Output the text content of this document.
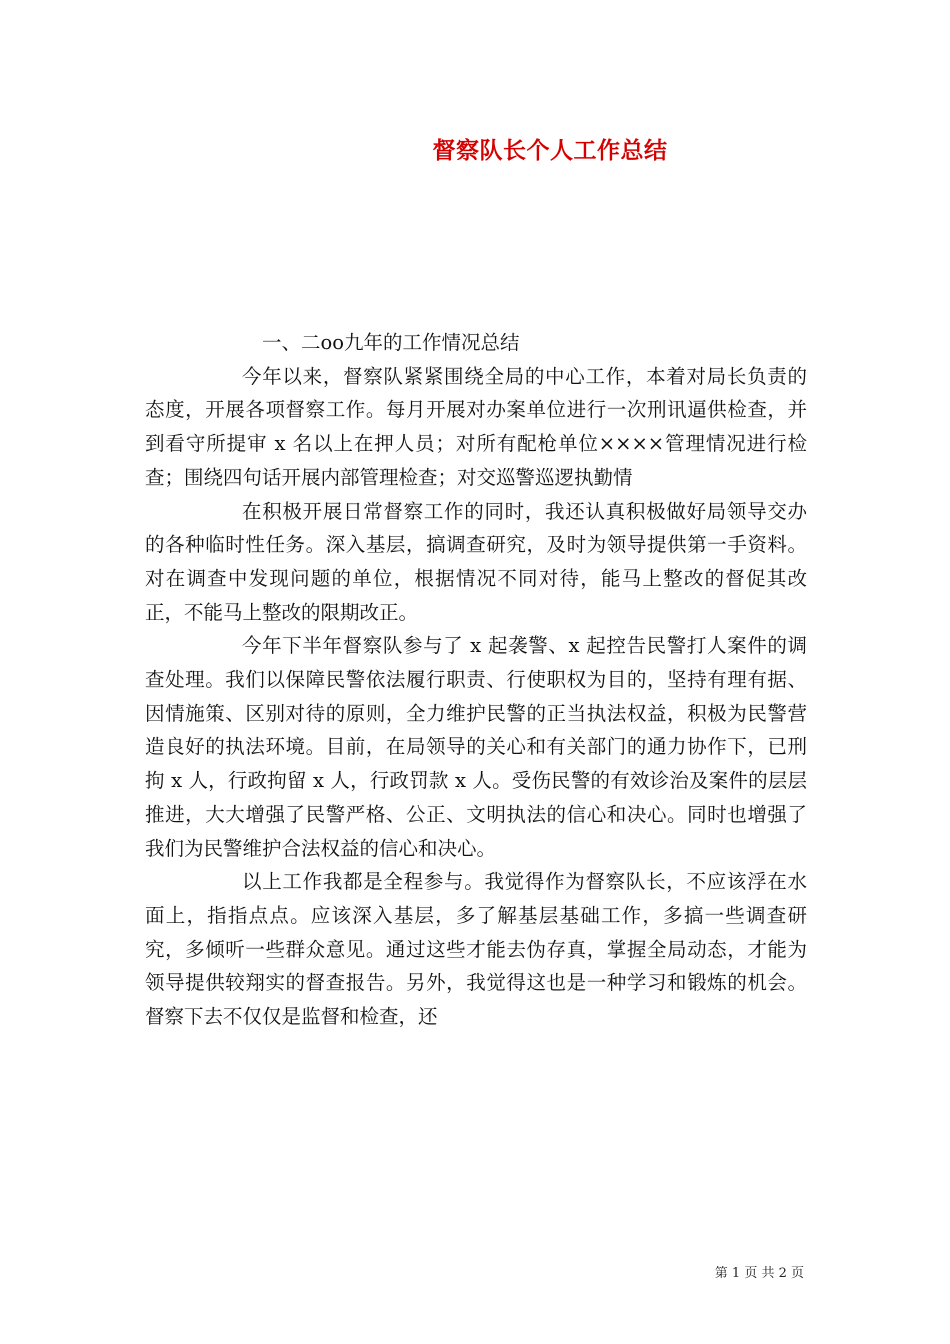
督察队长个人工作总结

一、二oo九年的工作情况总结

今年以来，督察队紧紧围绕全局的中心工作，本着对局长负责的态度，开展各项督察工作。每月开展对办案单位进行一次刑讯逼供检查，并到看守所提审 x 名以上在押人员；对所有配枪单位××××管理情况进行检查；围绕四句话开展内部管理检查；对交巡警巡逻执勤情

在积极开展日常督察工作的同时，我还认真积极做好局领导交办的各种临时性任务。深入基层，搞调查研究，及时为领导提供第一手资料。对在调查中发现问题的单位，根据情况不同对待，能马上整改的督促其改正，不能马上整改的限期改正。

今年下半年督察队参与了 x 起袭警、x 起控告民警打人案件的调查处理。我们以保障民警依法履行职责、行使职权为目的，坚持有理有据、因情施策、区别对待的原则，全力维护民警的正当执法权益，积极为民警营造良好的执法环境。目前，在局领导的关心和有关部门的通力协作下，已刑拘 x 人，行政拘留 x 人，行政罚款 x 人。受伤民警的有效诊治及案件的层层推进，大大增强了民警严格、公正、文明执法的信心和决心。同时也增强了我们为民警维护合法权益的信心和决心。

以上工作我都是全程参与。我觉得作为督察队长，不应该浮在水面上，指指点点。应该深入基层，多了解基层基础工作，多搞一些调查研究，多倾听一些群众意见。通过这些才能去伪存真，掌握全局动态，才能为领导提供较翔实的督查报告。另外，我觉得这也是一种学习和锻炼的机会。督察下去不仅仅是监督和检查，还

第 1 页 共 2 页
